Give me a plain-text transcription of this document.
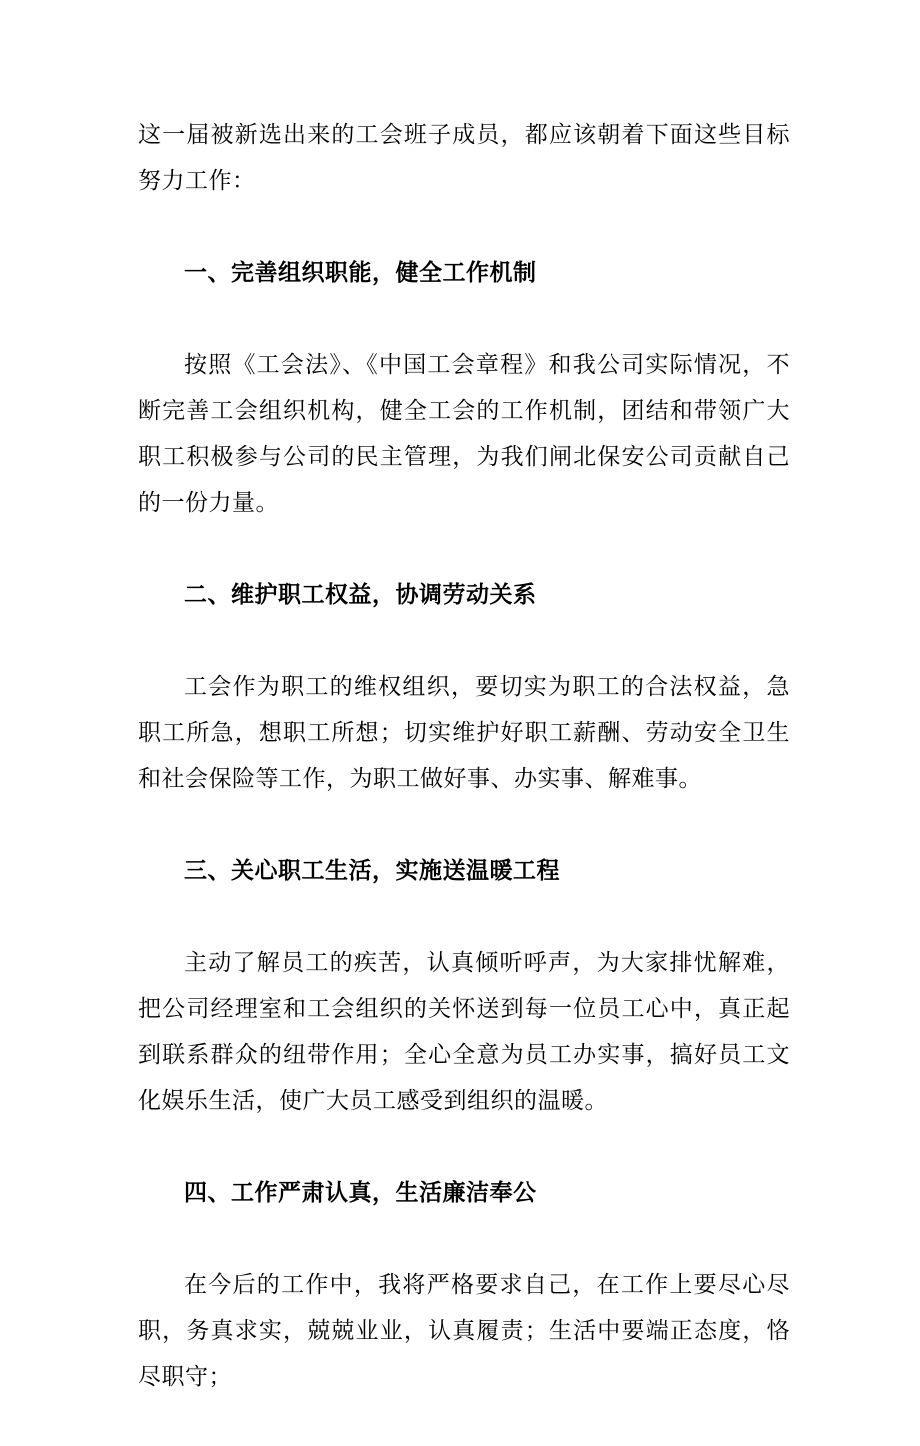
这一届被新选出来的工会班子成员，都应该朝着下面这些目标努力工作：

一、完善组织职能，健全工作机制

按照《工会法》、《中国工会章程》和我公司实际情况，不断完善工会组织机构，健全工会的工作机制，团结和带领广大职工积极参与公司的民主管理，为我们闸北保安公司贡献自己的一份力量。

二、维护职工权益，协调劳动关系

工会作为职工的维权组织，要切实为职工的合法权益，急职工所急，想职工所想；切实维护好职工薪酬、劳动安全卫生和社会保险等工作，为职工做好事、办实事、解难事。

三、关心职工生活，实施送温暖工程

主动了解员工的疾苦，认真倾听呼声，为大家排忧解难，把公司经理室和工会组织的关怀送到每一位员工心中，真正起到联系群众的纽带作用；全心全意为员工办实事，搞好员工文化娱乐生活，使广大员工感受到组织的温暖。

四、工作严肃认真，生活廉洁奉公

在今后的工作中，我将严格要求自己，在工作上要尽心尽职，务真求实，兢兢业业，认真履责；生活中要端正态度，恪尽职守；
